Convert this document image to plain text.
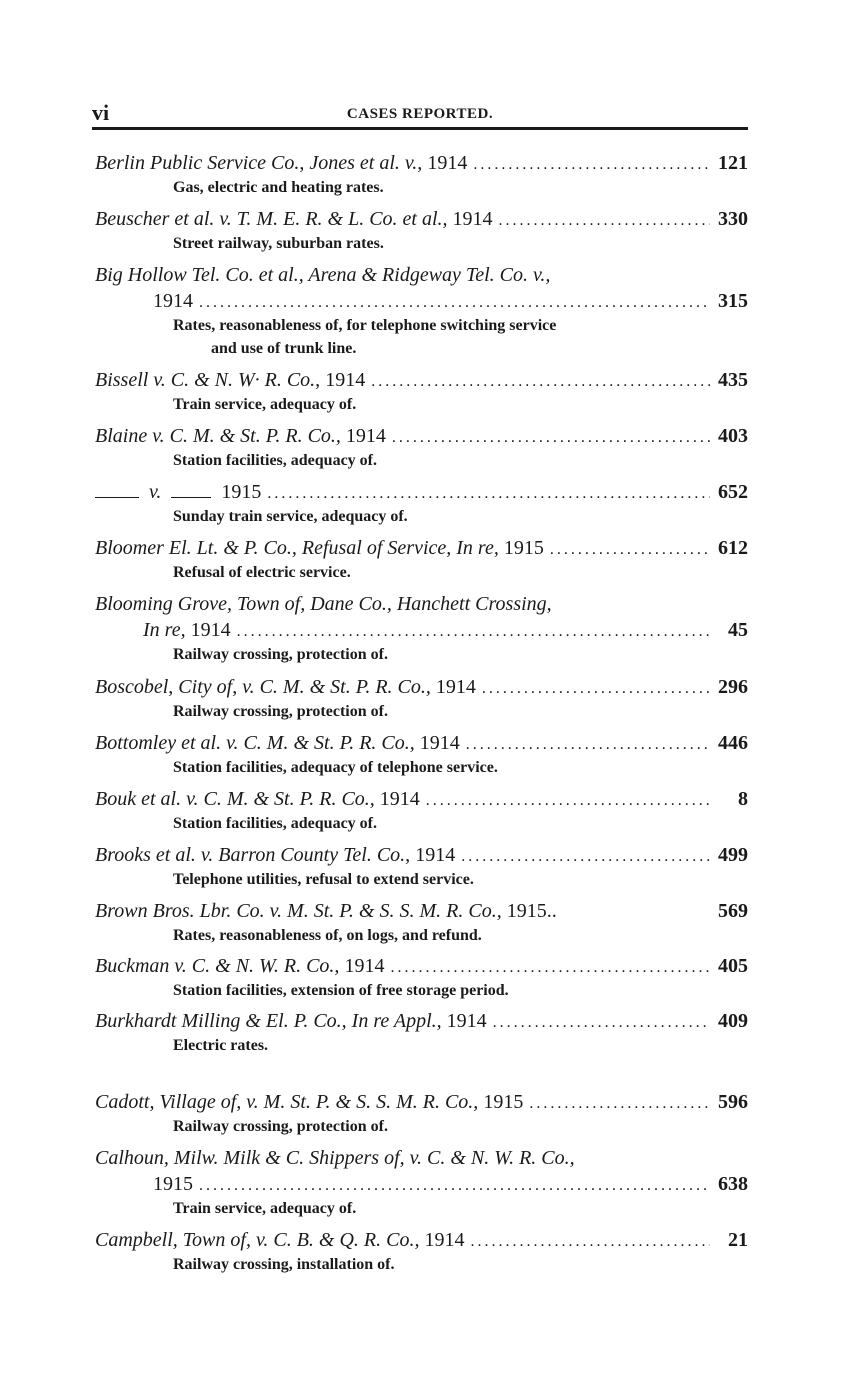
vi	CASES REPORTED.
Berlin Public Service Co., Jones et al. v.,
1914 .....	121
Gas, electric and heating rates.
Beuscher et al. v. T. M. E. R. & L. Co. et al.,
1914 .....	330
Street railway, suburban rates.
Big Hollow Tel. Co. et al., Arena & Ridgeway Tel. Co. v.,
1914 .....	315
Rates, reasonableness of, for telephone switching service
and use of trunk line.
Bissell v. C. & N. W· R. Co.,
1914 .....	435
Train service, adequacy of.
Blaine v. C. M. & St. P. R. Co.,
1914 .....	403
Station facilities, adequacy of.
v.	1915 .....	652
Sunday train service, adequacy of.
Bloomer El. Lt. & P. Co., Refusal of Service, In re,
1915 .....	612
Refusal of electric service.
Blooming Grove, Town of, Dane Co., Hanchett Crossing,
In re,
1914 .....	45
Railway crossing, protection of.
Boscobel, City of, v. C. M. & St. P. R. Co.,
1914 .....	296
Railway crossing, protection of.
Bottomley et al. v. C. M. & St. P. R. Co.,
1914 .....	446
Station facilities, adequacy of telephone service.
Bouk et al. v. C. M. & St. P. R. Co.,
1914 .....	8
Station facilities, adequacy of.
Brooks et al. v. Barron County Tel. Co.,
1914 .....	499
Telephone utilities, refusal to extend service.
Brown Bros. Lbr. Co. v. M. St. P. & S. S. M. R. Co.,
1915..	569
Rates, reasonableness of, on logs, and refund.
Buckman v. C. & N. W. R. Co.,
1914 .....	405
Station facilities, extension of free storage period.
Burkhardt Milling & El. P. Co., In re Appl.,
1914 .....	409
Electric rates.
Cadott, Village of, v. M. St. P. & S. S. M. R. Co.,
1915 .....	596
Railway crossing, protection of.
Calhoun, Milw. Milk & C. Shippers of, v. C. & N. W. R. Co.,
1915 .....	638
Train service, adequacy of.
Campbell, Town of, v. C. B. & Q. R. Co.,
1914 .....	21
Railway crossing, installation of.
